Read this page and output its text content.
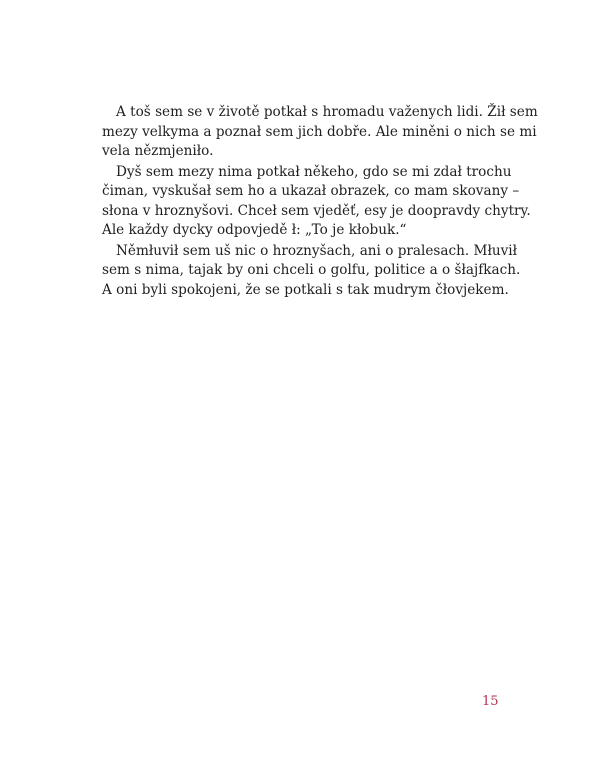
A toš sem se v životě potkał s hromadu važenych lidi. Žił sem
mezy velkyma a poznał sem jich dobře. Ale miněni o nich se mi
vela nězmjeniło.

Dyš sem mezy nima potkał někeho, gdo se mi zdał trochu
čiman, vyskušał sem ho a ukazał obrazek, co mam skovany –
słona v hroznyšovi. Chceł sem vjeděť, esy je doopravdy chytry.
Ale každy dycky odpovjedě ł: „To je kłobuk.“

Němłuvił sem uš nic o hroznyšach, ani o pralesach. Młuvił
sem s nima, tajak by oni chceli o golfu, politice a o šłajfkach.
A oni byli spokojeni, že se potkali s tak mudrym čłovjekem.

15
